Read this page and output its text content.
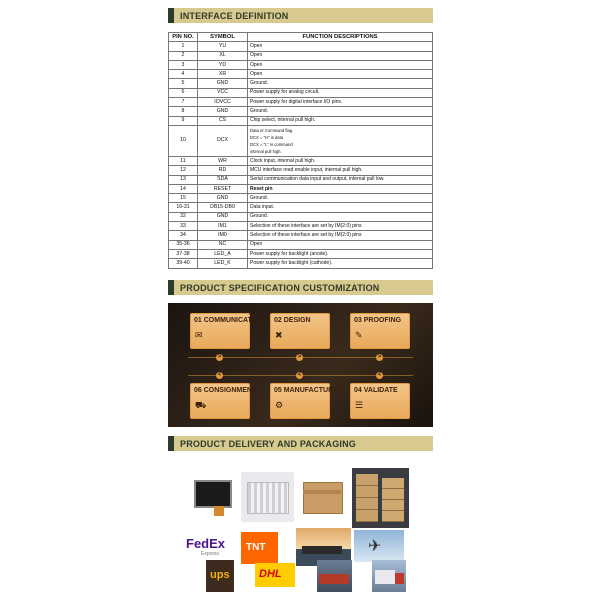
INTERFACE DEFINITION
PIN NO.	SYMBOL	FUNCTION DESCRIPTIONS
1	YU	Open
2	XL	Open
3	YD	Open
4	XR	Open
5	GND	Ground.
6	VCC	Power supply for analog circuit.
7	IOVCC	Power supply for digital interface I/O pins.
8	GND	Ground.
9	CS	Chip select, internal pull high.
10	DCX	Data or Command flag
DCX = "H" is data
DCX = "L" is command
internal pull high.

11	WR	Clock input, internal pull high.
12	RD	MCU interface read enable input, internal pull high.
13	SDA	Serial communication data input and output, internal pull low.
14	RESET	Reset pin
15	GND	Ground.
16-31	DB15-DB0	Data input.
32	GND	Ground.
33	IM1	Selection of these interface are set by IM(2:0) pins
34	IM0	Selection of these interface are set by IM(2:0) pins
35-36	NC	Open
37-38	LED_A	Power supply for backlight (anode).
39-40	LED_K	Power supply for backlight (cathode).
PRODUCT SPECIFICATION CUSTOMIZATION
01 COMMUNICATE
✉
02 DESIGN
✖
03 PROOFING
✎
>	>	>
<	<	<
06 CONSIGNMENT
⛟
05 MANUFACTURE
⚙
04 VALIDATE
☰
PRODUCT DELIVERY AND PACKAGING
FedEx
Express
TNT	✈
ups	DHL
